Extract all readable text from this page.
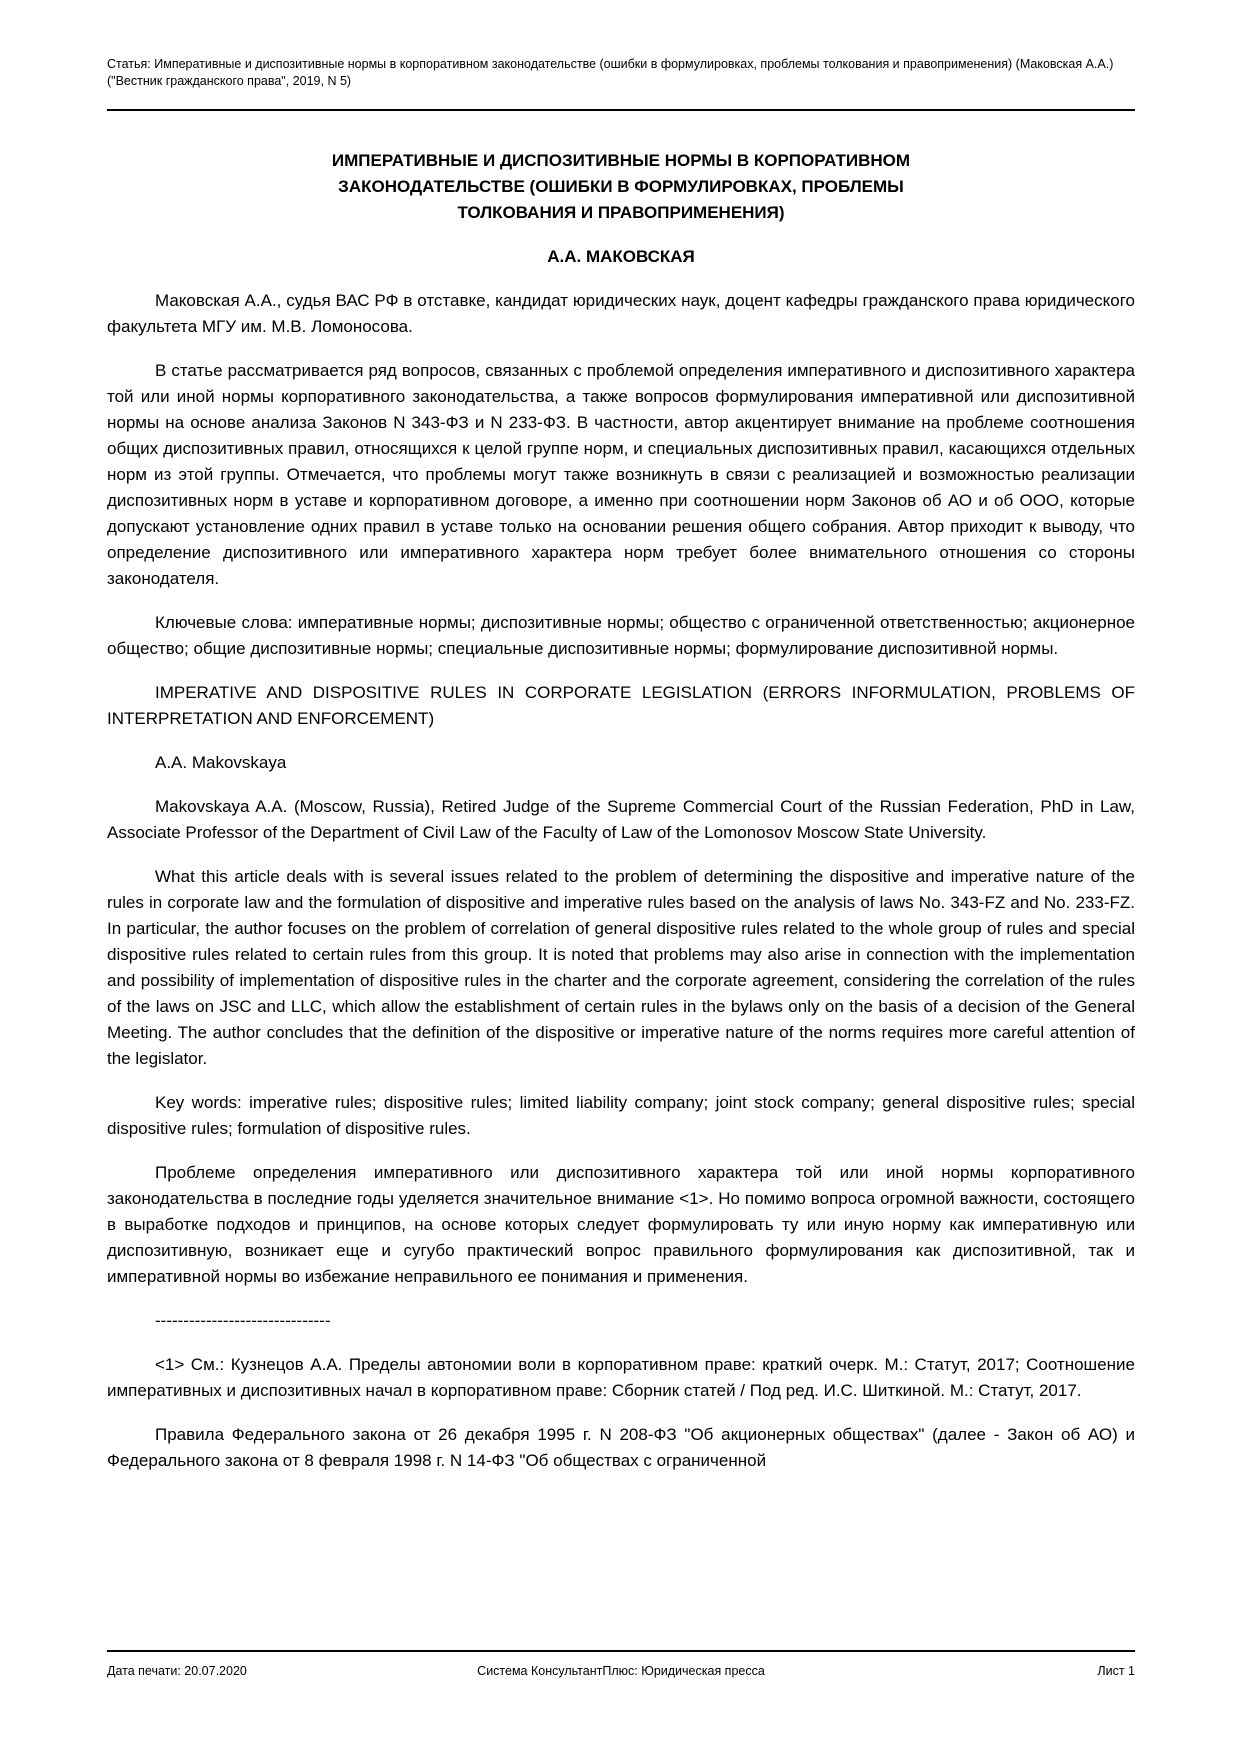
Статья: Императивные и диспозитивные нормы в корпоративном законодательстве (ошибки в формулировках, проблемы толкования и правоприменения) (Маковская А.А.)
("Вестник гражданского права", 2019, N 5)
ИМПЕРАТИВНЫЕ И ДИСПОЗИТИВНЫЕ НОРМЫ В КОРПОРАТИВНОМ
ЗАКОНОДАТЕЛЬСТВЕ (ОШИБКИ В ФОРМУЛИРОВКАХ, ПРОБЛЕМЫ
ТОЛКОВАНИЯ И ПРАВОПРИМЕНЕНИЯ)
А.А. МАКОВСКАЯ

Маковская А.А., судья ВАС РФ в отставке, кандидат юридических наук, доцент кафедры гражданского права юридического факультета МГУ им. М.В. Ломоносова.

В статье рассматривается ряд вопросов, связанных с проблемой определения императивного и диспозитивного характера той или иной нормы корпоративного законодательства, а также вопросов формулирования императивной или диспозитивной нормы на основе анализа Законов N 343-ФЗ и N 233-ФЗ. В частности, автор акцентирует внимание на проблеме соотношения общих диспозитивных правил, относящихся к целой группе норм, и специальных диспозитивных правил, касающихся отдельных норм из этой группы. Отмечается, что проблемы могут также возникнуть в связи с реализацией и возможностью реализации диспозитивных норм в уставе и корпоративном договоре, а именно при соотношении норм Законов об АО и об ООО, которые допускают установление одних правил в уставе только на основании решения общего собрания. Автор приходит к выводу, что определение диспозитивного или императивного характера норм требует более внимательного отношения со стороны законодателя.

Ключевые слова: императивные нормы; диспозитивные нормы; общество с ограниченной ответственностью; акционерное общество; общие диспозитивные нормы; специальные диспозитивные нормы; формулирование диспозитивной нормы.

IMPERATIVE AND DISPOSITIVE RULES IN CORPORATE LEGISLATION (ERRORS INFORMULATION, PROBLEMS OF INTERPRETATION AND ENFORCEMENT)

A.A. Makovskaya

Makovskaya A.A. (Moscow, Russia), Retired Judge of the Supreme Commercial Court of the Russian Federation, PhD in Law, Associate Professor of the Department of Civil Law of the Faculty of Law of the Lomonosov Moscow State University.

What this article deals with is several issues related to the problem of determining the dispositive and imperative nature of the rules in corporate law and the formulation of dispositive and imperative rules based on the analysis of laws No. 343-FZ and No. 233-FZ. In particular, the author focuses on the problem of correlation of general dispositive rules related to the whole group of rules and special dispositive rules related to certain rules from this group. It is noted that problems may also arise in connection with the implementation and possibility of implementation of dispositive rules in the charter and the corporate agreement, considering the correlation of the rules of the laws on JSC and LLC, which allow the establishment of certain rules in the bylaws only on the basis of a decision of the General Meeting. The author concludes that the definition of the dispositive or imperative nature of the norms requires more careful attention of the legislator.

Key words: imperative rules; dispositive rules; limited liability company; joint stock company; general dispositive rules; special dispositive rules; formulation of dispositive rules.

Проблеме определения императивного или диспозитивного характера той или иной нормы корпоративного законодательства в последние годы уделяется значительное внимание <1>. Но помимо вопроса огромной важности, состоящего в выработке подходов и принципов, на основе которых следует формулировать ту или иную норму как императивную или диспозитивную, возникает еще и сугубо практический вопрос правильного формулирования как диспозитивной, так и императивной нормы во избежание неправильного ее понимания и применения.

-------------------------------

<1> См.: Кузнецов А.А. Пределы автономии воли в корпоративном праве: краткий очерк. М.: Статут, 2017; Соотношение императивных и диспозитивных начал в корпоративном праве: Сборник статей / Под ред. И.С. Шиткиной. М.: Статут, 2017.

Правила Федерального закона от 26 декабря 1995 г. N 208-ФЗ "Об акционерных обществах" (далее - Закон об АО) и Федерального закона от 8 февраля 1998 г. N 14-ФЗ "Об обществах с ограниченной

Дата печати: 20.07.2020	Система КонсультантПлюс: Юридическая пресса	Лист 1
